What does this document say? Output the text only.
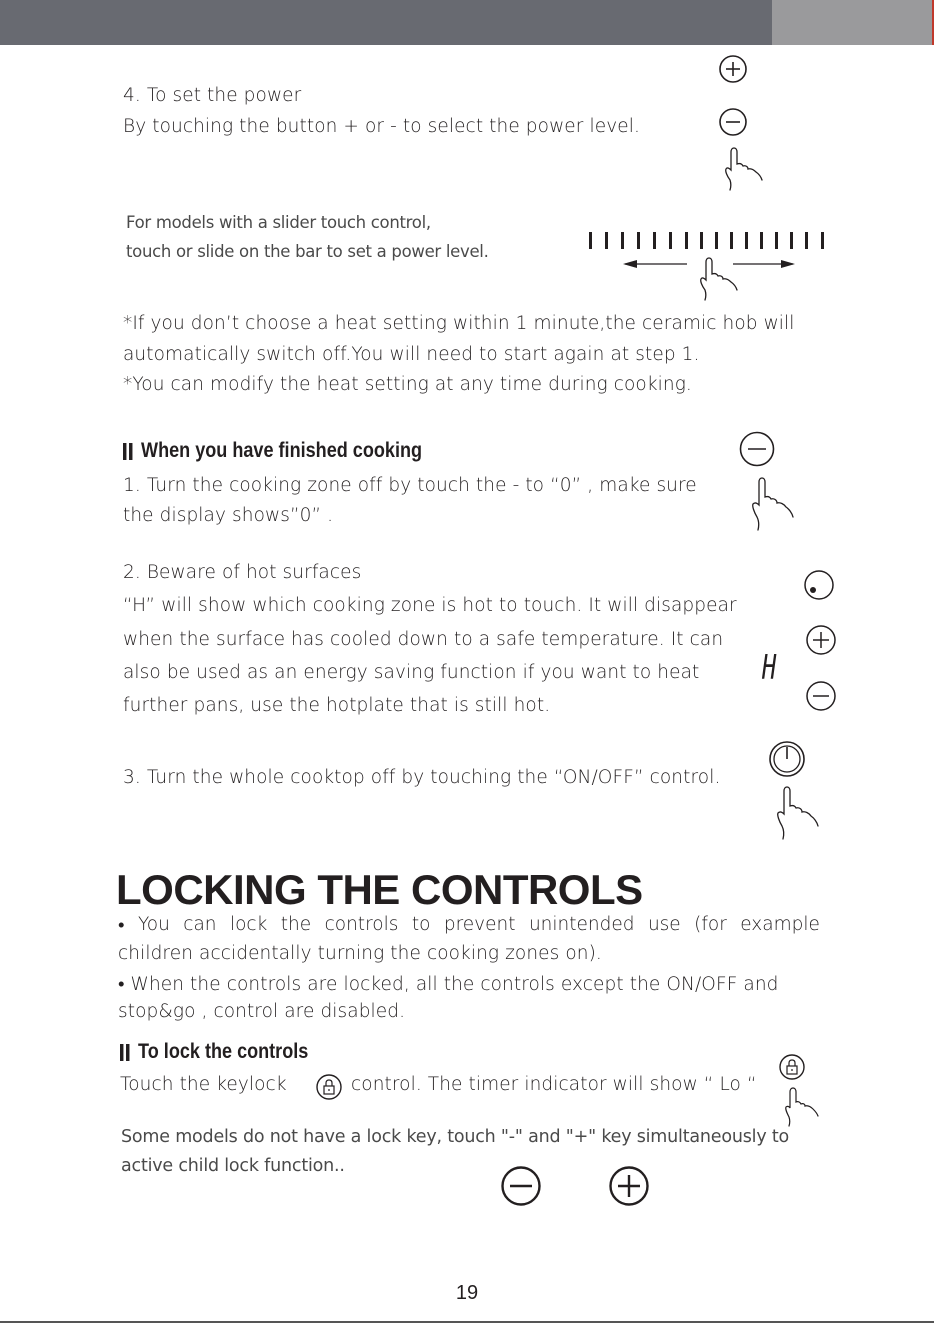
4. To set the power
By touching the button + or - to select the power level.
For models with a slider touch control,
touch or slide on the bar to set a power level.
*If you don’t choose a heat setting within 1 minute,the ceramic hob will
automatically switch off.You will need to start again at step 1.
*You can modify the heat setting at any time during cooking.
When you have finished cooking
1. Turn the cooking zone off by touch the - to “0” , make sure
the display shows”0” .
2. Beware of hot surfaces
“H” will show which cooking zone is hot to touch. It will disappear
when the surface has cooled down to a safe temperature. It can
also be used as an energy saving function if you want to heat
further pans, use the hotplate that is still hot.
H
3. Turn the whole cooktop off by touching the “ON/OFF” control.
LOCKING THE CONTROLS
• You can lock the controls to prevent unintended use (for example
children accidentally turning the cooking zones on).
• When the controls are locked, all the controls except the ON/OFF and
stop&go , control are disabled.
To lock the controls
Touch the keylock	control. The timer indicator will show “ Lo “
Some models do not have a lock key, touch "-" and "+" key simultaneously to
active child lock function..
19
